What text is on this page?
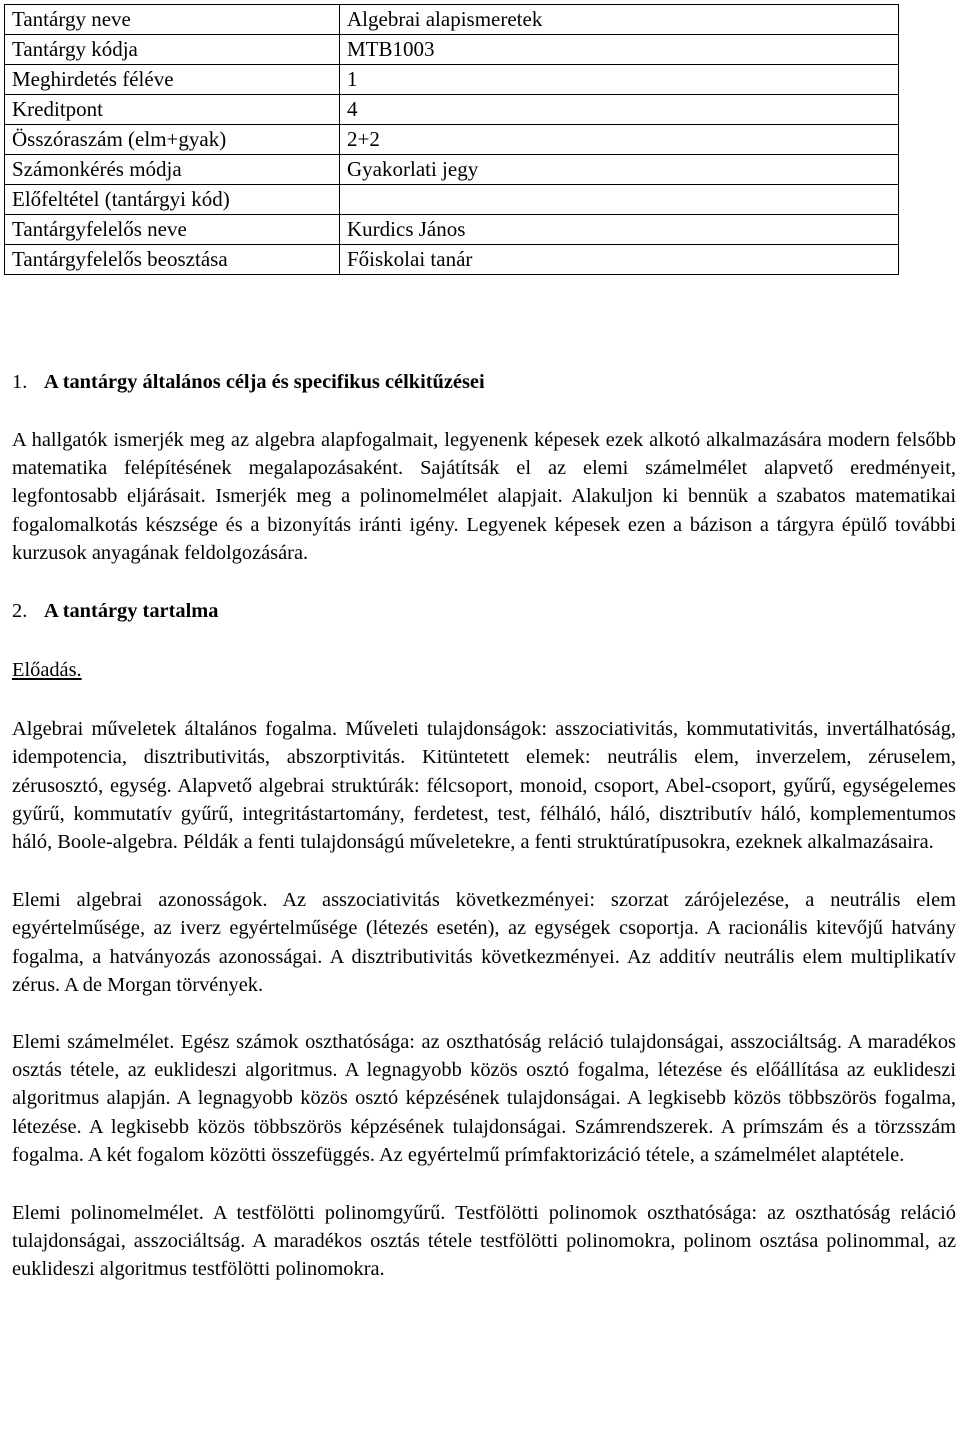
Tantárgy neve	Algebrai alapismeretek
Tantárgy kódja	MTB1003
Meghirdetés féléve	1
Kreditpont	4
Összóraszám (elm+gyak)	2+2
Számonkérés módja	Gyakorlati jegy
Előfeltétel (tantárgyi kód)	
Tantárgyfelelős neve	Kurdics János
Tantárgyfelelős beosztása	Főiskolai tanár

1. A tantárgy általános célja és specifikus célkitűzései

A hallgatók ismerjék meg az algebra alapfogalmait, legyenenk képesek ezek alkotó alkalmazására modern felsőbb matematika felépítésének megalapozásaként. Sajátítsák el az elemi számelmélet alapvető eredményeit, legfontosabb eljárásait. Ismerjék meg a polinomelmélet alapjait. Alakuljon ki bennük a szabatos matematikai fogalomalkotás készsége és a bizonyítás iránti igény. Legyenek képesek ezen a bázison a tárgyra épülő további kurzusok anyagának feldolgozására.

2. A tantárgy tartalma

Előadás.

Algebrai műveletek általános fogalma. Műveleti tulajdonságok: asszociativitás, kommutativitás, invertálhatóság, idempotencia, disztributivitás, abszorptivitás. Kitüntetett elemek: neutrális elem, inverzelem, zéruselem, zérusosztó, egység. Alapvető algebrai struktúrák: félcsoport, monoid, csoport, Abel-csoport, gyűrű, egységelemes gyűrű, kommutatív gyűrű, integritástartomány, ferdetest, test, félháló, háló, disztributív háló, komplementumos háló, Boole-algebra. Példák a fenti tulajdonságú műveletekre, a fenti struktúratípusokra, ezeknek alkalmazásaira.

Elemi algebrai azonosságok. Az asszociativitás következményei: szorzat zárójelezése, a neutrális elem egyértelműsége, az iverz egyértelműsége (létezés esetén), az egységek csoportja. A racionális kitevőjű hatvány fogalma, a hatványozás azonosságai. A disztributivitás következményei. Az additív neutrális elem multiplikatív zérus. A de Morgan törvények.

Elemi számelmélet. Egész számok oszthatósága: az oszthatóság reláció tulajdonságai, asszociáltság. A maradékos osztás tétele, az euklideszi algoritmus. A legnagyobb közös osztó fogalma, létezése és előállítása az euklideszi algoritmus alapján. A legnagyobb közös osztó képzésének tulajdonságai. A legkisebb közös többszörös fogalma, létezése. A legkisebb közös többszörös képzésének tulajdonságai. Számrendszerek. A prímszám és a törzsszám fogalma. A két fogalom közötti összefüggés. Az egyértelmű prímfaktorizáció tétele, a számelmélet alaptétele.

Elemi polinomelmélet. A testfölötti polinomgyűrű. Testfölötti polinomok oszthatósága: az oszthatóság reláció tulajdonságai, asszociáltság. A maradékos osztás tétele testfölötti polinomokra, polinom osztása polinommal, az euklideszi algoritmus testfölötti polinomokra.
